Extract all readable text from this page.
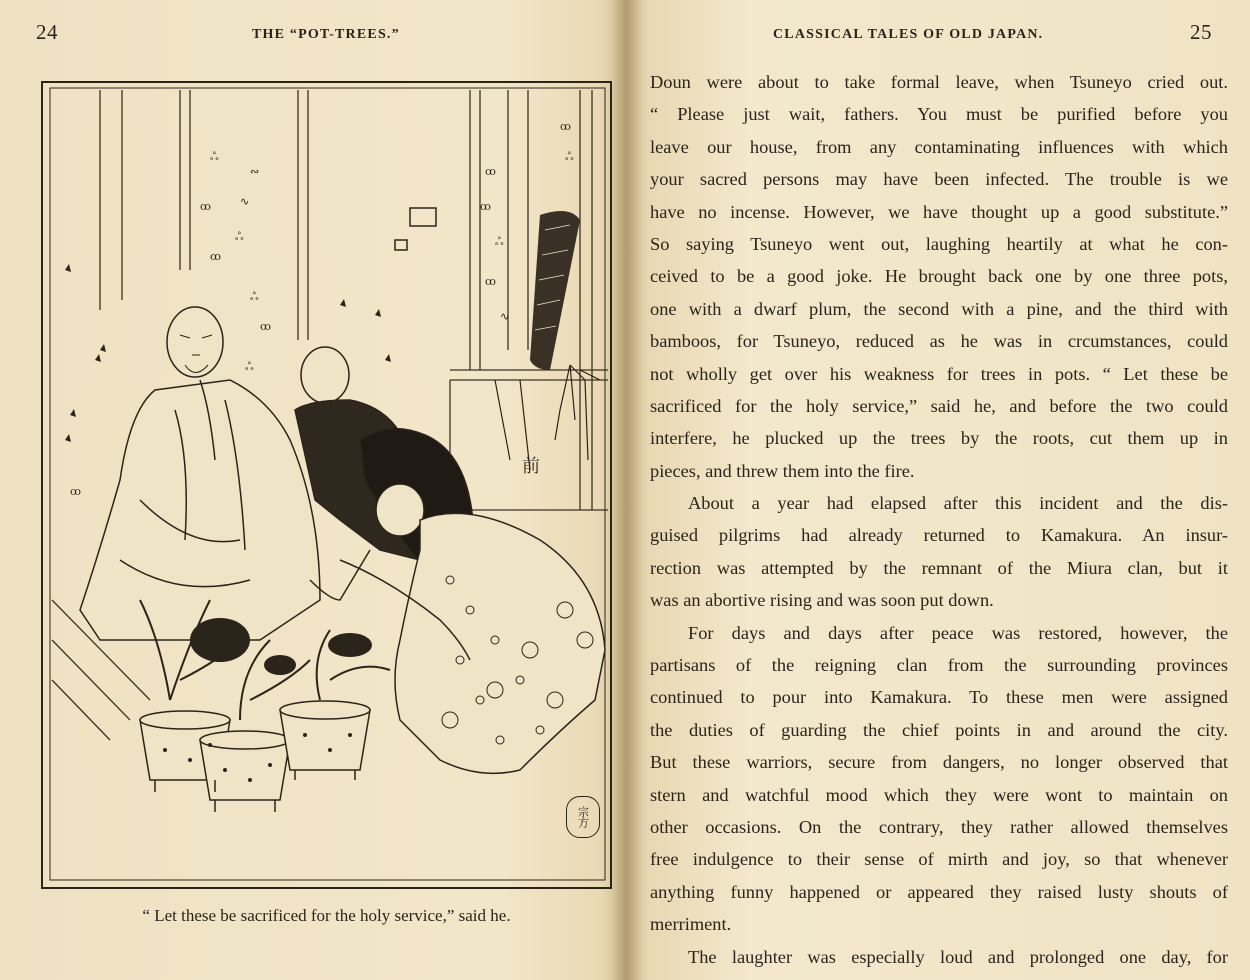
24	THE “POT-TREES.”
ஃ
∾
ꝏ	∿
ஃ
ꝏ
ꝏ
ꝏ
ஃ
ꝏ
∿
ஃ
ꝏ
ஃ
ꝏ
ஃ
ꝏ
前
宗方
“ Let these be sacrificed for the holy service,” said he.
CLASSICAL TALES OF OLD JAPAN.	25
Doun were about to take formal leave, when Tsuneyo cried out.
“ Please just wait, fathers. You must be purified before you
leave our house, from any contaminating influences with which
your sacred persons may have been infected. The trouble is we
have no incense. However, we have thought up a good substitute.”
So saying Tsuneyo went out, laughing heartily at what he con-
ceived to be a good joke. He brought back one by one three pots,
one with a dwarf plum, the second with a pine, and the third with
bamboos, for Tsuneyo, reduced as he was in crcumstances, could
not wholly get over his weakness for trees in pots. “ Let these be
sacrificed for the holy service,” said he, and before the two could
interfere, he plucked up the trees by the roots, cut them up in
pieces, and threw them into the fire.
About a year had elapsed after this incident and the dis-
guised pilgrims had already returned to Kamakura. An insur-
rection was attempted by the remnant of the Miura clan, but it
was an abortive rising and was soon put down.
For days and days after peace was restored, however, the
partisans of the reigning clan from the surrounding provinces
continued to pour into Kamakura. To these men were assigned
the duties of guarding the chief points in and around the city.
But these warriors, secure from dangers, no longer observed that
stern and watchful mood which they were wont to maintain on
other occasions. On the contrary, they rather allowed themselves
free indulgence to their sense of mirth and joy, so that whenever
anything funny happened or appeared they raised lusty shouts of
merriment.
The laughter was especially loud and prolonged one day, for
